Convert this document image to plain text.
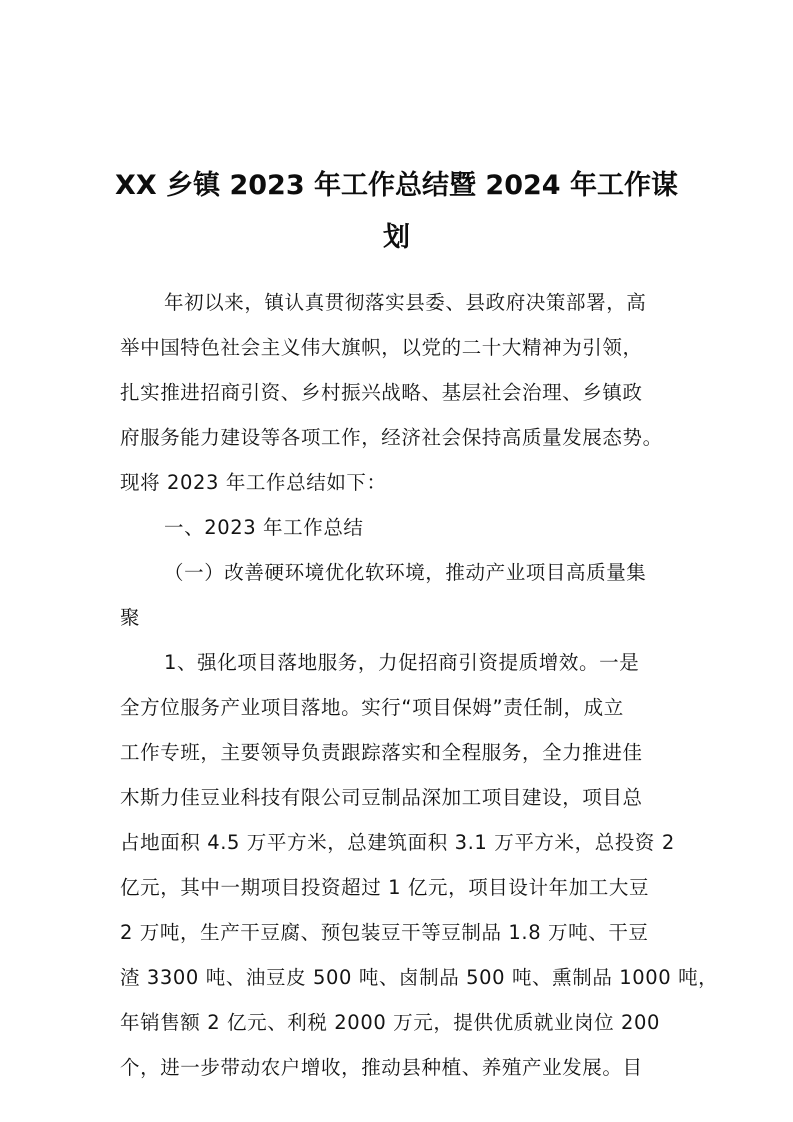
XX 乡镇 2023 年工作总结暨 2024 年工作谋
划
年初以来，镇认真贯彻落实县委、县政府决策部署，高
举中国特色社会主义伟大旗帜，以党的二十大精神为引领，
扎实推进招商引资、乡村振兴战略、基层社会治理、乡镇政
府服务能力建设等各项工作，经济社会保持高质量发展态势。
现将 2023 年工作总结如下：
一、2023 年工作总结
（一）改善硬环境优化软环境，推动产业项目高质量集
聚
1、强化项目落地服务，力促招商引资提质增效。一是
全方位服务产业项目落地。实行“项目保姆”责任制，成立
工作专班，主要领导负责跟踪落实和全程服务，全力推进佳
木斯力佳豆业科技有限公司豆制品深加工项目建设，项目总
占地面积 4.5 万平方米，总建筑面积 3.1 万平方米，总投资 2
亿元，其中一期项目投资超过 1 亿元，项目设计年加工大豆
2 万吨，生产干豆腐、预包装豆干等豆制品 1.8 万吨、干豆
渣 3300 吨、油豆皮 500 吨、卤制品 500 吨、熏制品 1000 吨，
年销售额 2 亿元、利税 2000 万元，提供优质就业岗位 200
个，进一步带动农户增收，推动县种植、养殖产业发展。目
